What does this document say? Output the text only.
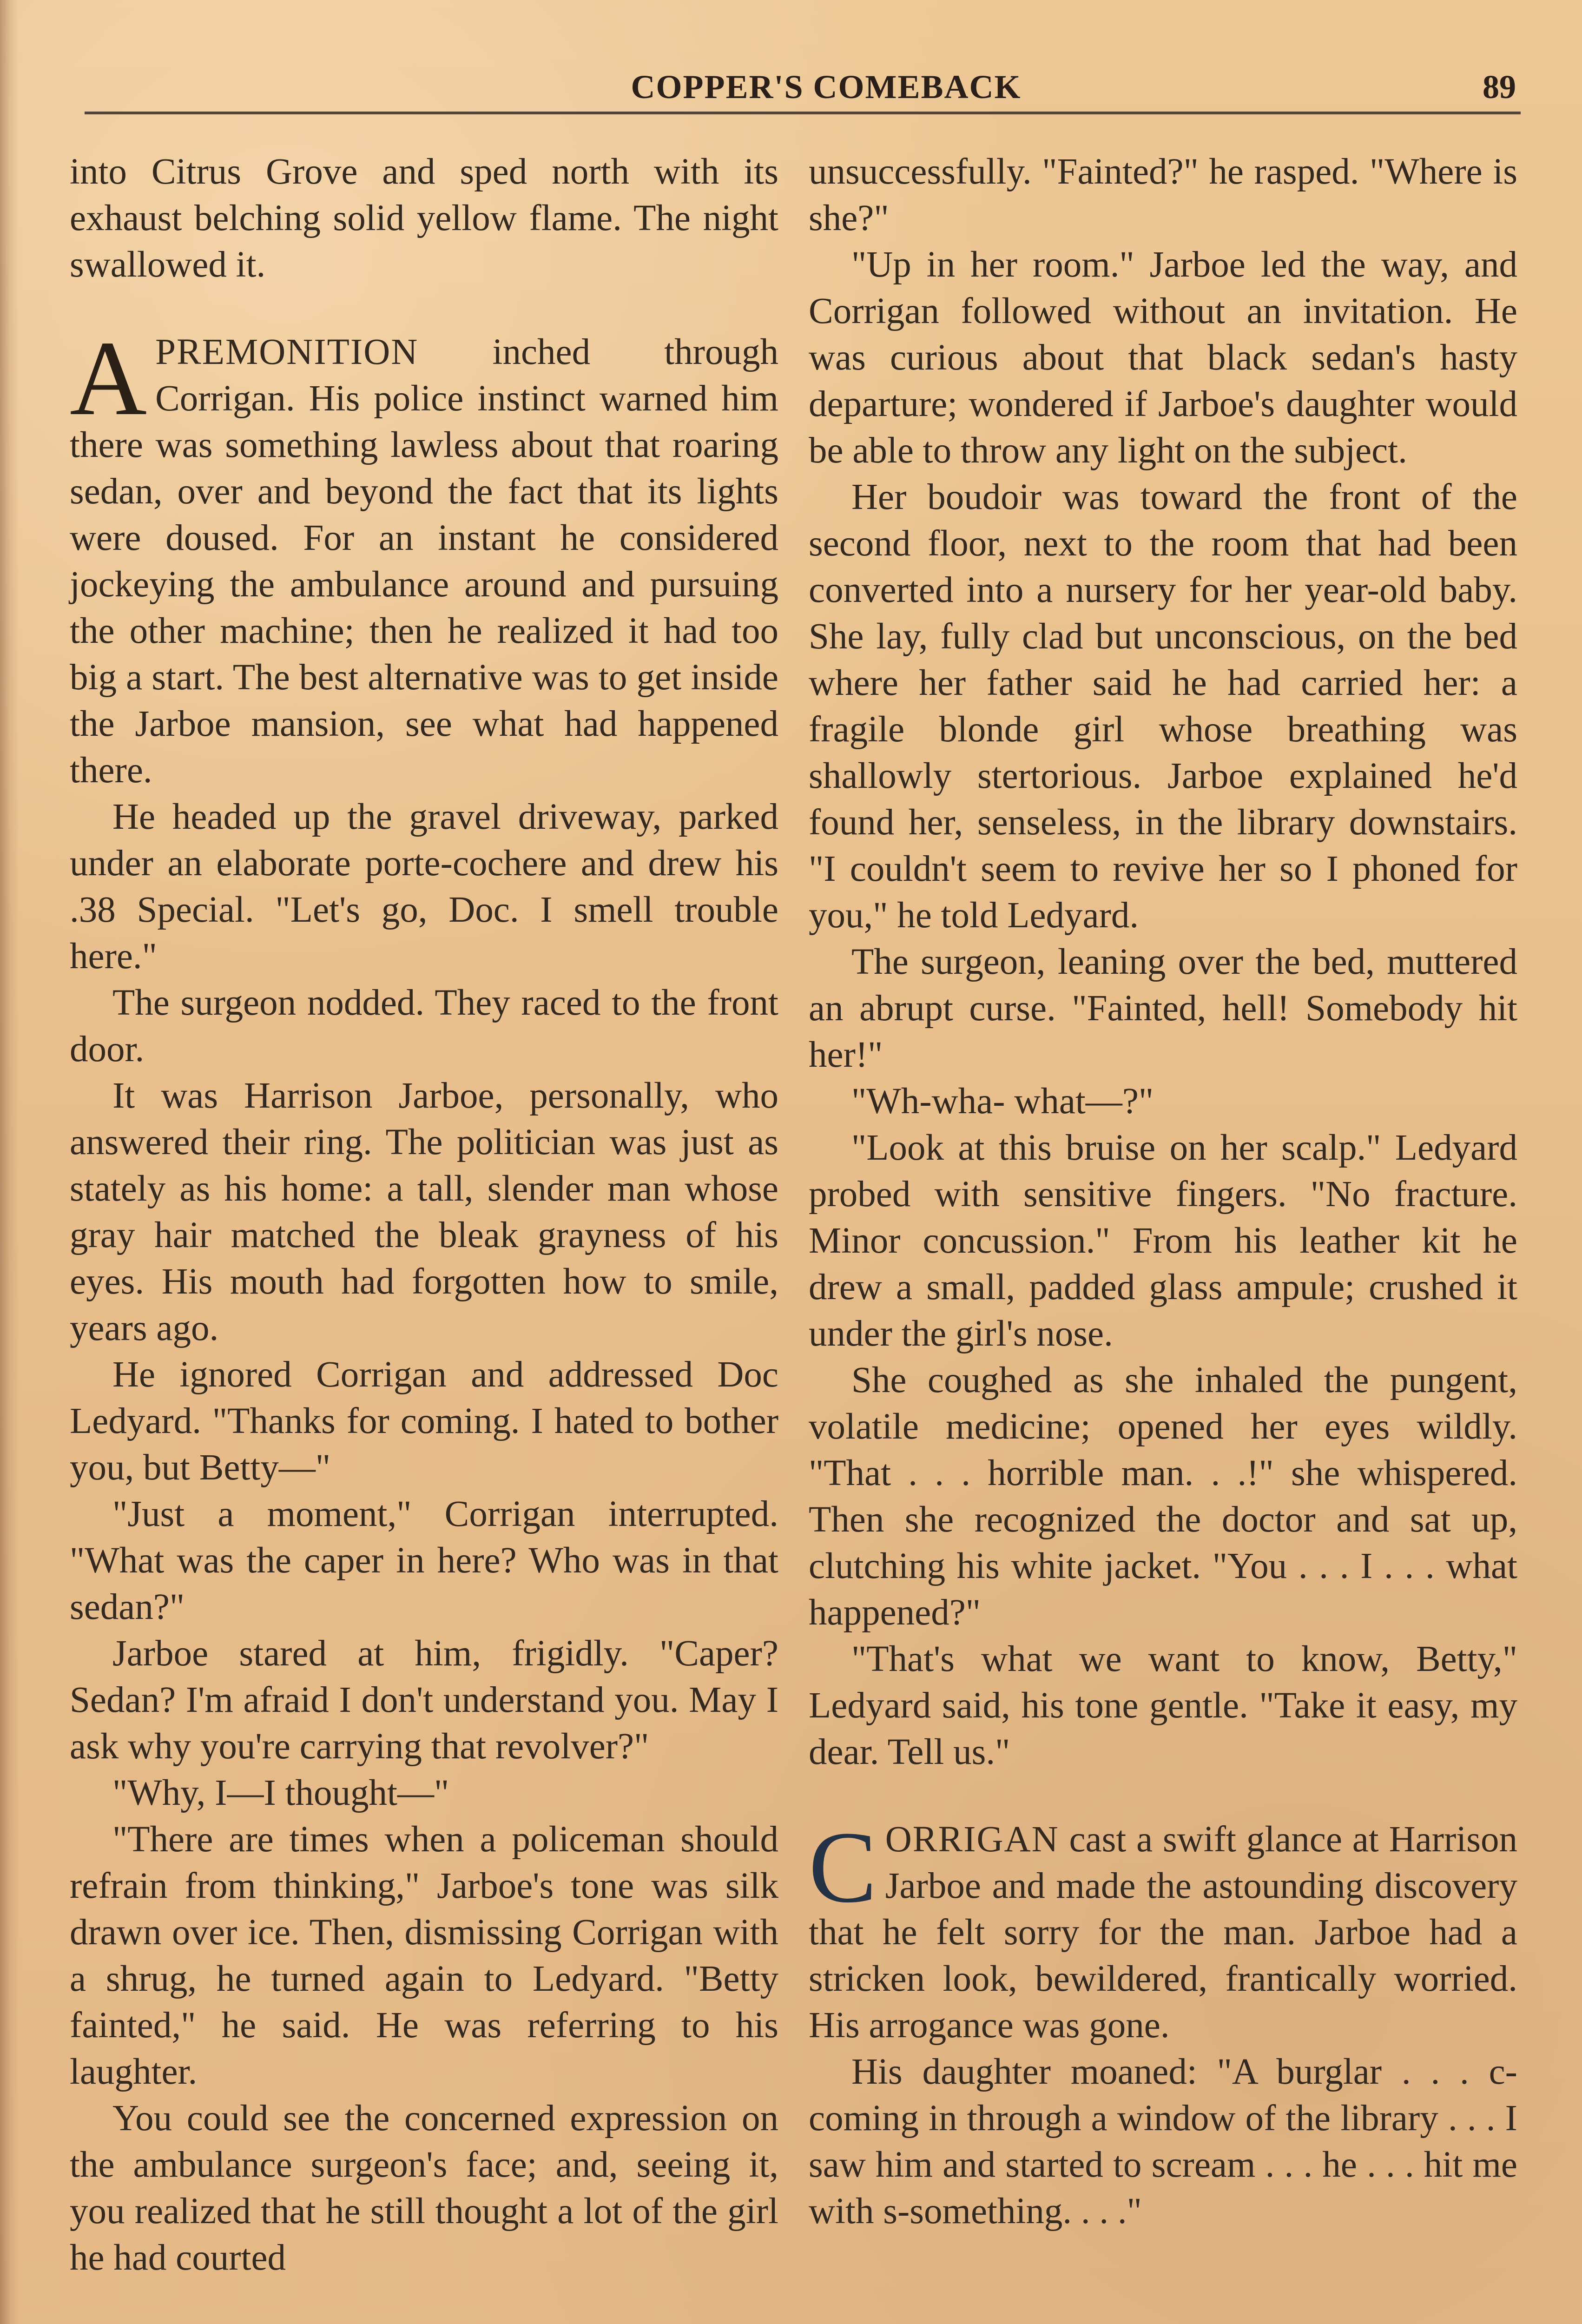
COPPER'S COMEBACK	89

into Citrus Grove and sped north with its exhaust belching solid yellow flame. The night swallowed it.

A PREMONITION inched through Corrigan. His police instinct warned him there was something lawless about that roaring sedan, over and beyond the fact that its lights were doused. For an instant he considered jockeying the ambulance around and pursuing the other machine; then he realized it had too big a start. The best alternative was to get inside the Jarboe mansion, see what had happened there.

He headed up the gravel driveway, parked under an elaborate porte-cochere and drew his .38 Special. "Let's go, Doc. I smell trouble here."

The surgeon nodded. They raced to the front door.

It was Harrison Jarboe, personally, who answered their ring. The politician was just as stately as his home: a tall, slender man whose gray hair matched the bleak grayness of his eyes. His mouth had forgotten how to smile, years ago.

He ignored Corrigan and addressed Doc Ledyard. "Thanks for coming. I hated to bother you, but Betty—"

"Just a moment," Corrigan interrupted. "What was the caper in here? Who was in that sedan?"

Jarboe stared at him, frigidly. "Caper? Sedan? I'm afraid I don't understand you. May I ask why you're carrying that revolver?"

"Why, I—I thought—"

"There are times when a policeman should refrain from thinking," Jarboe's tone was silk drawn over ice. Then, dismissing Corrigan with a shrug, he turned again to Ledyard. "Betty fainted," he said. He was referring to his laughter.

You could see the concerned expression on the ambulance surgeon's face; and, seeing it, you realized that he still thought a lot of the girl he had courted

unsuccessfully. "Fainted?" he rasped. "Where is she?"

"Up in her room." Jarboe led the way, and Corrigan followed without an invitation. He was curious about that black sedan's hasty departure; wondered if Jarboe's daughter would be able to throw any light on the subject.

Her boudoir was toward the front of the second floor, next to the room that had been converted into a nursery for her year-old baby. She lay, fully clad but unconscious, on the bed where her father said he had carried her: a fragile blonde girl whose breathing was shallowly stertorious. Jarboe explained he'd found her, senseless, in the library downstairs. "I couldn't seem to revive her so I phoned for you," he told Ledyard.

The surgeon, leaning over the bed, muttered an abrupt curse. "Fainted, hell! Somebody hit her!"

"Wh-wha- what—?"

"Look at this bruise on her scalp." Ledyard probed with sensitive fingers. "No fracture. Minor concussion." From his leather kit he drew a small, padded glass ampule; crushed it under the girl's nose.

She coughed as she inhaled the pungent, volatile medicine; opened her eyes wildly. "That . . . horrible man. . .!" she whispered. Then she recognized the doctor and sat up, clutching his white jacket. "You . . . I . . . what happened?"

"That's what we want to know, Betty," Ledyard said, his tone gentle. "Take it easy, my dear. Tell us."

C ORRIGAN cast a swift glance at Harrison Jarboe and made the astounding discovery that he felt sorry for the man. Jarboe had a stricken look, bewildered, frantically worried. His arrogance was gone.

His daughter moaned: "A burglar . . . c-coming in through a window of the library . . . I saw him and started to scream . . . he . . . hit me with s-something. . . ."
